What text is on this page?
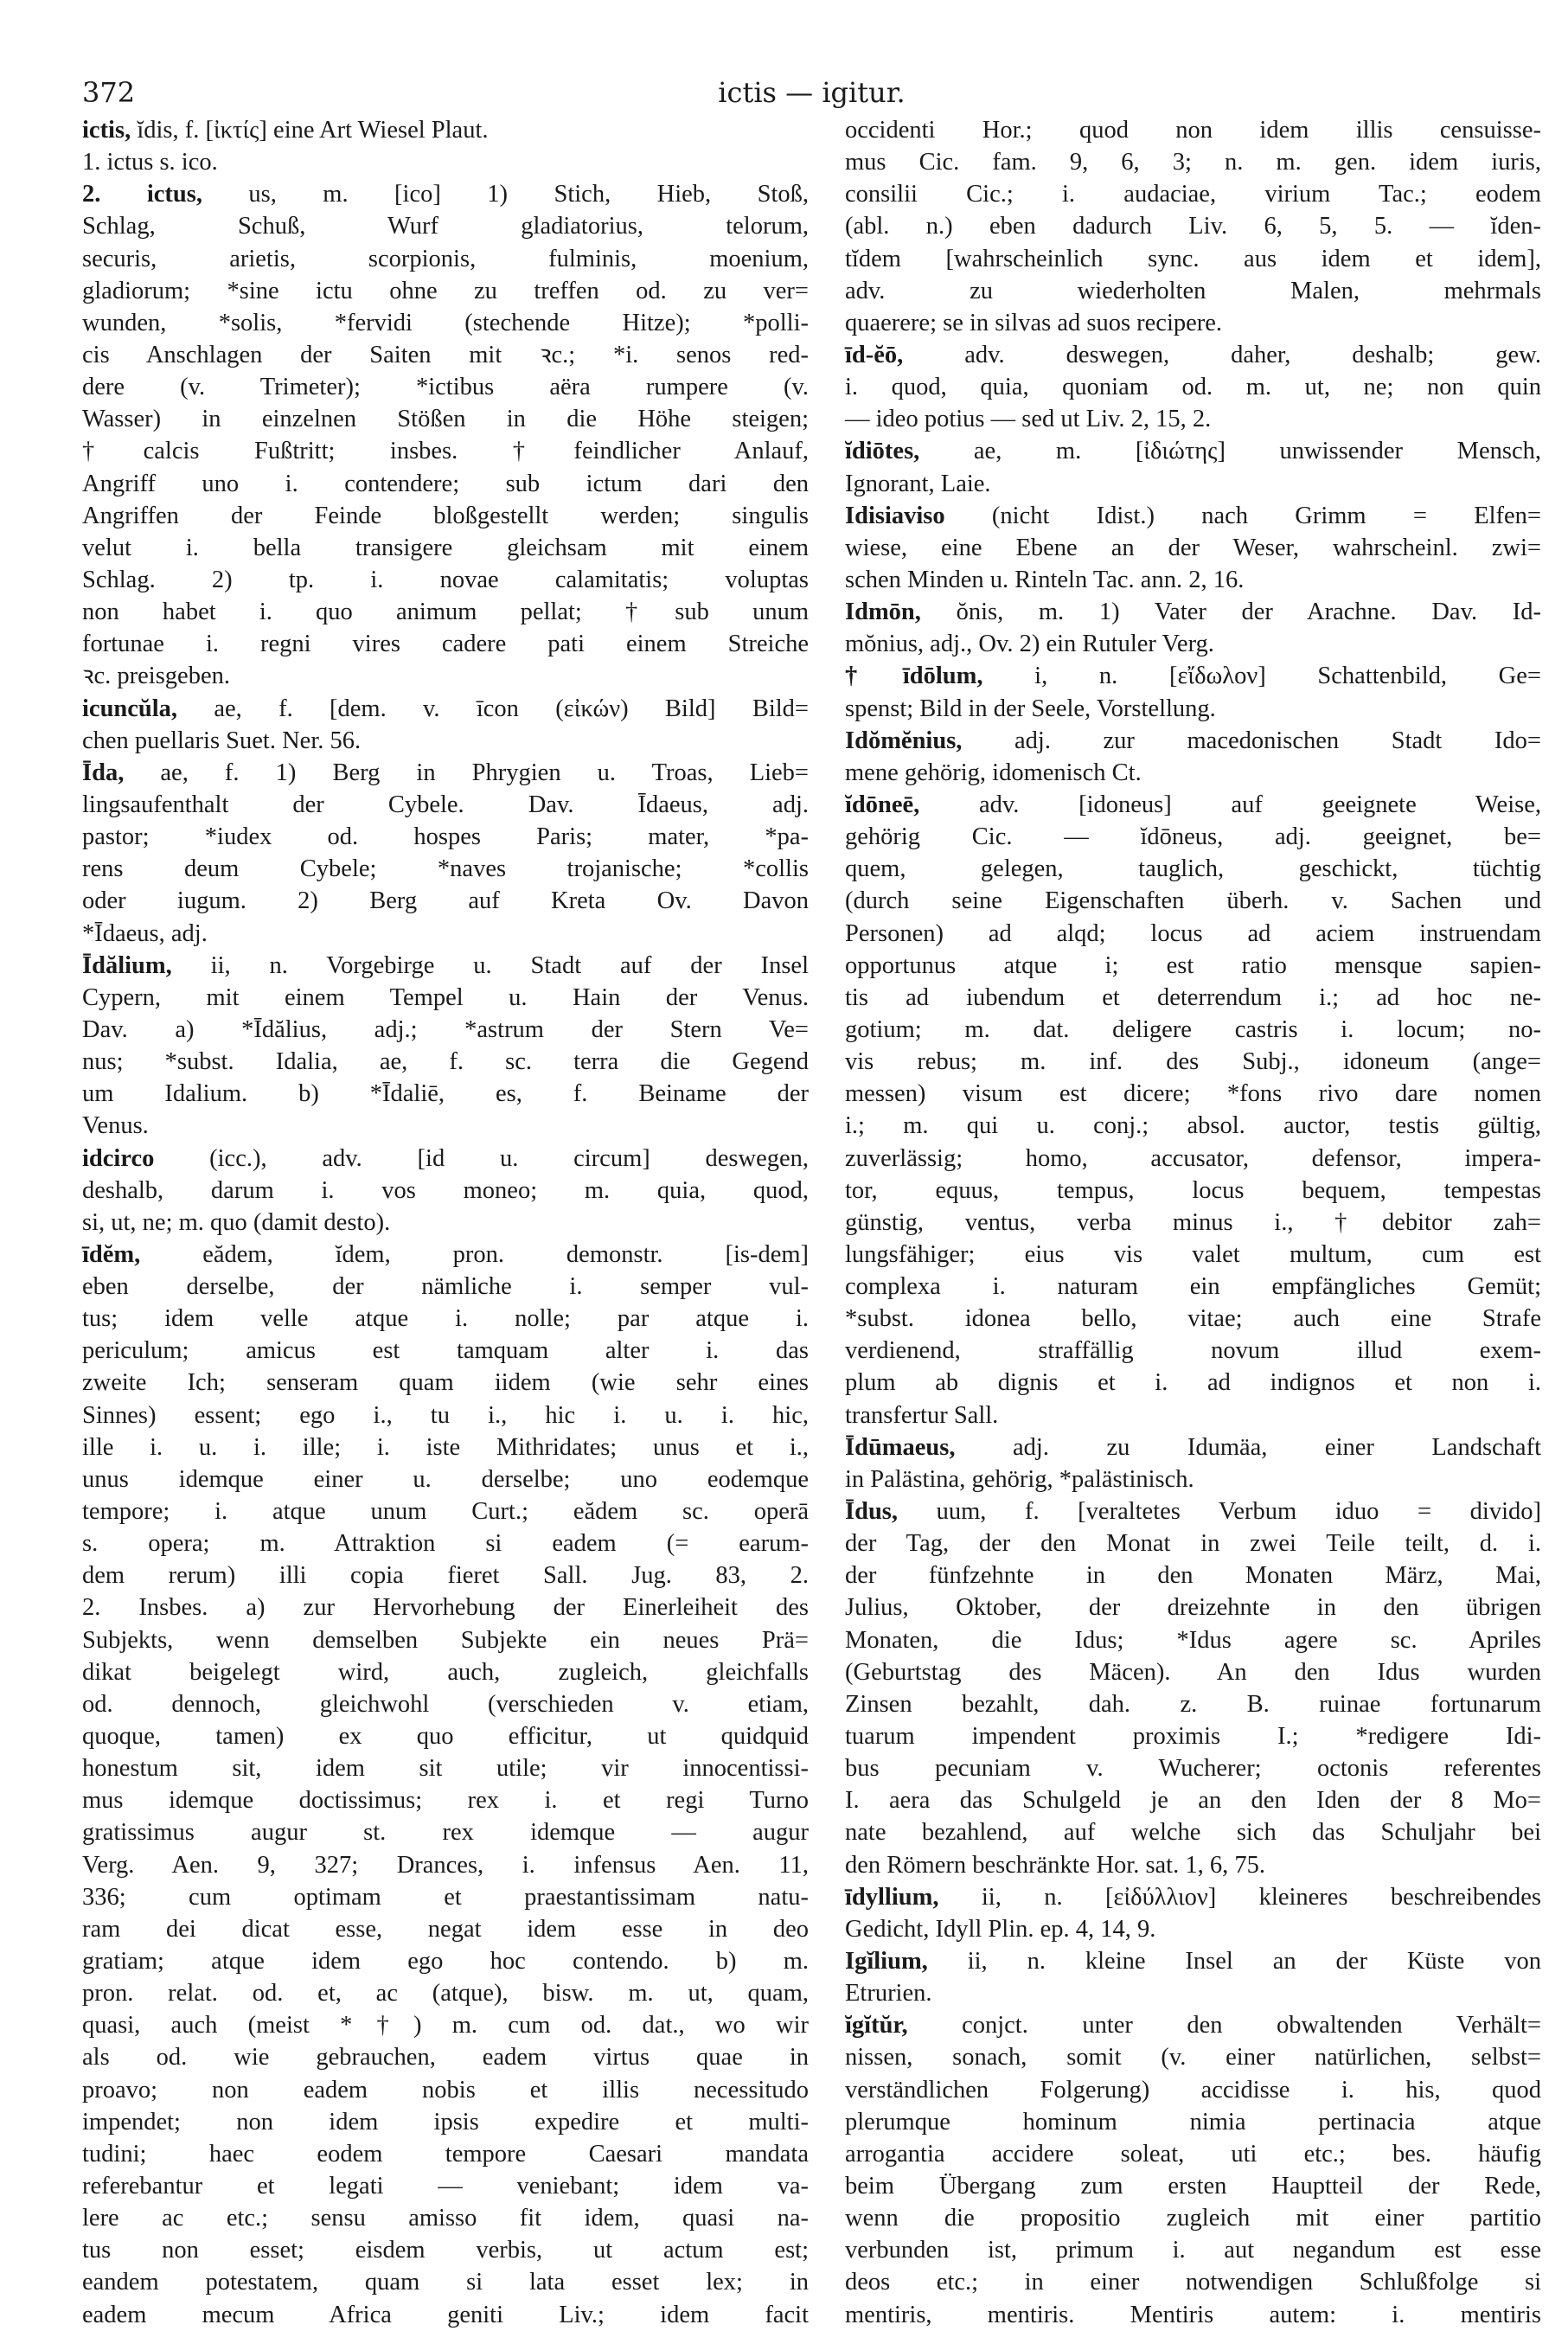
372	ictis — igitur.
ictis, ĭdis, f. [ἰκτίς] eine Art Wiesel Plaut.
1. ictus s. ico.
2. ictus, us, m. [ico] 1) Stich, Hieb, Stoß,
Schlag, Schuß, Wurf gladiatorius, telorum,
securis, arietis, scorpionis, fulminis, moenium,
gladiorum; *sine ictu ohne zu treffen od. zu ver=
wunden, *solis, *fervidi (stechende Hitze); *polli-
cis Anschlagen der Saiten mit ꝛc.; *i. senos red-
dere (v. Trimeter); *ictibus aëra rumpere (v.
Wasser) in einzelnen Stößen in die Höhe steigen;
†calcis Fußtritt; insbes. †feindlicher Anlauf,
Angriff uno i. contendere; sub ictum dari den
Angriffen der Feinde bloßgestellt werden; singulis
velut i. bella transigere gleichsam mit einem
Schlag. 2) tp. i. novae calamitatis; voluptas
non habet i. quo animum pellat; †sub unum
fortunae i. regni vires cadere pati einem Streiche
ꝛc. preisgeben.
icuncŭla, ae, f. [dem. v. īcon (εἰκών) Bild] Bild=
chen puellaris Suet. Ner. 56.
Īda, ae, f. 1) Berg in Phrygien u. Troas, Lieb=
lingsaufenthalt der Cybele. Dav. Īdaeus, adj.
pastor; *iudex od. hospes Paris; mater, *pa-
rens deum Cybele; *naves trojanische; *collis
oder iugum. 2) Berg auf Kreta Ov. Davon
*Īdaeus, adj.
Īdălium, ii, n. Vorgebirge u. Stadt auf der Insel
Cypern, mit einem Tempel u. Hain der Venus.
Dav. a) *Īdălius, adj.; *astrum der Stern Ve=
nus; *subst. Idalia, ae, f. sc. terra die Gegend
um Idalium. b) *Īdaliē, es, f. Beiname der
Venus.
idcirco (icc.), adv. [id u. circum] deswegen,
deshalb, darum i. vos moneo; m. quia, quod,
si, ut, ne; m. quo (damit desto).
īdĕm, eădem, ĭdem, pron. demonstr. [is-dem]
eben derselbe, der nämliche i. semper vul-
tus; idem velle atque i. nolle; par atque i.
periculum; amicus est tamquam alter i. das
zweite Ich; senseram quam iidem (wie sehr eines
Sinnes) essent; ego i., tu i., hic i. u. i. hic,
ille i. u. i. ille; i. iste Mithridates; unus et i.,
unus idemque einer u. derselbe; uno eodemque
tempore; i. atque unum Curt.; eădem sc. operā
s. opera; m. Attraktion si eadem (= earum-
dem rerum) illi copia fieret Sall. Jug. 83, 2.
2. Insbes. a) zur Hervorhebung der Einerleiheit des
Subjekts, wenn demselben Subjekte ein neues Prä=
dikat beigelegt wird, auch, zugleich, gleichfalls
od. dennoch, gleichwohl (verschieden v. etiam,
quoque, tamen) ex quo efficitur, ut quidquid
honestum sit, idem sit utile; vir innocentissi-
mus idemque doctissimus; rex i. et regi Turno
gratissimus augur st. rex idemque — augur
Verg. Aen. 9, 327; Drances, i. infensus Aen. 11,
336; cum optimam et praestantissimam natu-
ram dei dicat esse, negat idem esse in deo
gratiam; atque idem ego hoc contendo. b) m.
pron. relat. od. et, ac (atque), bisw. m. ut, quam,
quasi, auch (meist *†) m. cum od. dat., wo wir
als od. wie gebrauchen, eadem virtus quae in
proavo; non eadem nobis et illis necessitudo
impendet; non idem ipsis expedire et multi-
tudini; haec eodem tempore Caesari mandata
referebantur et legati — veniebant; idem va-
lere ac etc.; sensu amisso fit idem, quasi na-
tus non esset; eisdem verbis, ut actum est;
eandem potestatem, quam si lata esset lex; in
eadem mecum Africa geniti Liv.; idem facit
occidenti Hor.; quod non idem illis censuisse-
mus Cic. fam. 9, 6, 3; n. m. gen. idem iuris,
consilii Cic.; i. audaciae, virium Tac.; eodem
(abl. n.) eben dadurch Liv. 6, 5, 5. — ĭden-
tĭdem [wahrscheinlich sync. aus idem et idem],
adv. zu wiederholten Malen, mehrmals
quaerere; se in silvas ad suos recipere.
īd-ĕō, adv. deswegen, daher, deshalb; gew.
i. quod, quia, quoniam od. m. ut, ne; non quin
— ideo potius — sed ut Liv. 2, 15, 2.
ĭdiōtes, ae, m. [ἰδιώτης] unwissender Mensch,
Ignorant, Laie.
Idisiaviso (nicht Idist.) nach Grimm = Elfen=
wiese, eine Ebene an der Weser, wahrscheinl. zwi=
schen Minden u. Rinteln Tac. ann. 2, 16.
Idmōn, ŏnis, m. 1) Vater der Arachne. Dav. Id-
mŏnius, adj., Ov. 2) ein Rutuler Verg.
†īdōlum, i, n. [εἴδωλον] Schattenbild, Ge=
spenst; Bild in der Seele, Vorstellung.
Idŏmĕnius, adj. zur macedonischen Stadt Ido=
mene gehörig, idomenisch Ct.
ĭdōneē, adv. [idoneus] auf geeignete Weise,
gehörig Cic. — ĭdōneus, adj. geeignet, be=
quem, gelegen, tauglich, geschickt, tüchtig
(durch seine Eigenschaften überh. v. Sachen und
Personen) ad alqd; locus ad aciem instruendam
opportunus atque i; est ratio mensque sapien-
tis ad iubendum et deterrendum i.; ad hoc ne-
gotium; m. dat. deligere castris i. locum; no-
vis rebus; m. inf. des Subj., idoneum (ange=
messen) visum est dicere; *fons rivo dare nomen
i.; m. qui u. conj.; absol. auctor, testis gültig,
zuverlässig; homo, accusator, defensor, impera-
tor, equus, tempus, locus bequem, tempestas
günstig, ventus, verba minus i., †debitor zah=
lungsfähiger; eius vis valet multum, cum est
complexa i. naturam ein empfängliches Gemüt;
*subst. idonea bello, vitae; auch eine Strafe
verdienend, straffällig novum illud exem-
plum ab dignis et i. ad indignos et non i.
transfertur Sall.
Īdūmaeus, adj. zu Idumäa, einer Landschaft
in Palästina, gehörig, *palästinisch.
Īdus, uum, f. [veraltetes Verbum iduo = divido]
der Tag, der den Monat in zwei Teile teilt, d. i.
der fünfzehnte in den Monaten März, Mai,
Julius, Oktober, der dreizehnte in den übrigen
Monaten, die Idus; *Idus agere sc. Apriles
(Geburtstag des Mäcen). An den Idus wurden
Zinsen bezahlt, dah. z. B. ruinae fortunarum
tuarum impendent proximis I.; *redigere Idi-
bus pecuniam v. Wucherer; octonis referentes
I. aera das Schulgeld je an den Iden der 8 Mo=
nate bezahlend, auf welche sich das Schuljahr bei
den Römern beschränkte Hor. sat. 1, 6, 75.
īdyllium, ii, n. [εἰδύλλιον] kleineres beschreibendes
Gedicht, Idyll Plin. ep. 4, 14, 9.
Igĭlium, ii, n. kleine Insel an der Küste von
Etrurien.
ĭgĭtŭr, conjct. unter den obwaltenden Verhält=
nissen, sonach, somit (v. einer natürlichen, selbst=
verständlichen Folgerung) accidisse i. his, quod
plerumque hominum nimia pertinacia atque
arrogantia accidere soleat, uti etc.; bes. häufig
beim Übergang zum ersten Hauptteil der Rede,
wenn die propositio zugleich mit einer partitio
verbunden ist, primum i. aut negandum est esse
deos etc.; in einer notwendigen Schlußfolge si
mentiris, mentiris. Mentiris autem: i. mentiris
